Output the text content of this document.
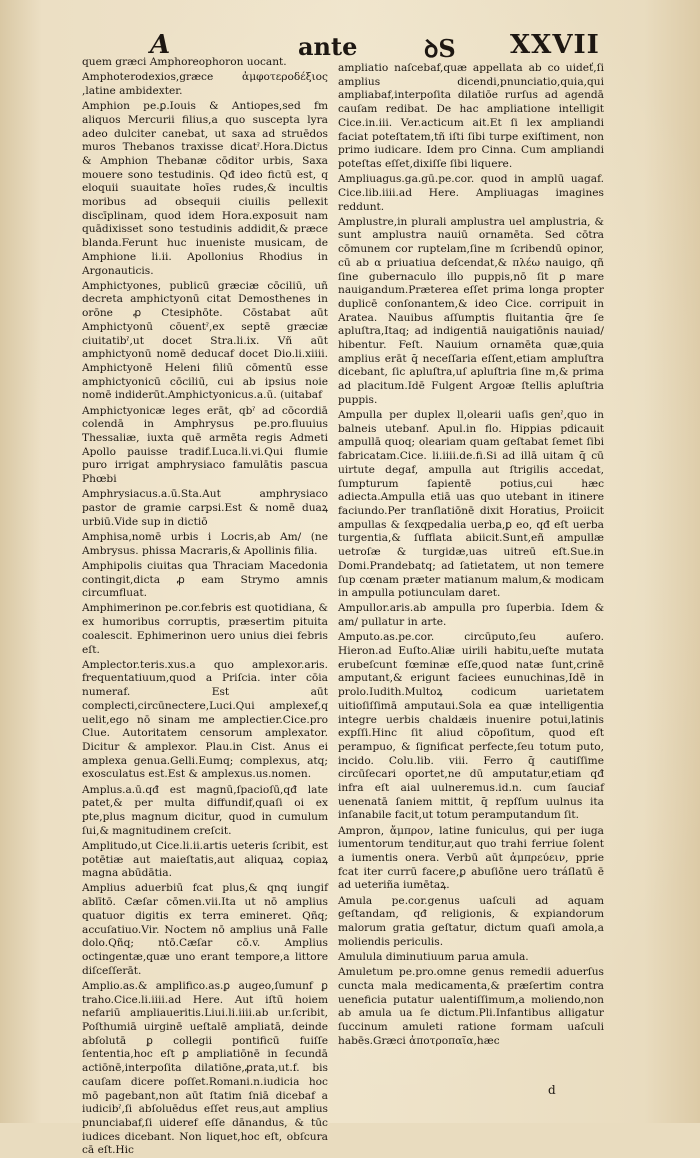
A	ante	ꝺS XXVII

quem græci Amphoreophoron uocant.

Amphoterodexios,græce ἀμφοτεροδέξιος ,latine ambidexter.

Amphion pe.ꝑ.Iouis & Antiopes,sed fm aliquos Mercurii filius,a quo suscepta lyra adeo dulciter canebat, ut saxa ad struēdos muros Thebanos traxisse dicatˀ.Hora.Dictus & Amphion Thebanæ cōditor urbis, Saxa mouere sono testudinis. Qđ ideo fictū est, q eloquii suauitate hoīes rudes,& incultis moribus ad obsequii ciuilis pellexit discīplinam, quod idem Hora.exposuit nam quādixisset sono testudinis addidit,& præce blanda.Ferunt huc inueniste musicam, de Amphione li.ii. Apollonius Rhodius in Argonauticis.

Amphictyones, publicū græciæ cōciliū, uñ decreta amphictyonū citat Demosthenes in orōne ꝓ Ctesiphōte. Cōstabat aūt Amphictyonū cōuentˀ,ex septē græciæ ciuitatibˀ,ut docet Stra.li.ix. Vñ aūt amphictyonū nomē deducaf docet Dio.li.xiiii. Amphictyonē Heleni filiū cōmentū esse amphictyonicū cōciliū, cui ab ipsius noie nomē indiderūt.Amphictyonicus.a.ū. (uitabaf

Amphictyonicæ leges erāt, qbˀ ad cōcordiā colendā in Amphrysus pe.pro.fluuius Thessaliæ, iuxta quē armēta regis Admeti Apollo pauisse tradif.Luca.li.vi.Qui flumie puro irrigat amphrysiaco famulātis pascua Phœbi

Amphrysiacus.a.ū.Sta.Aut amphrysiaco pastor de gramie carpsi.Est & nomē duaꝝ urbiū.Vide sup in dictiō

Amphisa,nomē urbis i Locris,ab Am/ (ne Ambrysus. phissa Macraris,& Apollinis filia.

Amphipolis ciuitas qua Thraciam Macedonia contingit,dicta ꝓ eam Strymo amnis circumfluat.

Amphimerinon pe.cor.febris est quotidiana, & ex humoribus corruptis, præsertim pituita coalescit. Ephimerinon uero unius diei febris eſt.

Amplector.teris.xus.a quo amplexor.aris. frequentatiuum,quod a Priſcia. inter cōia numeraf. Est aūt complecti,circūnectere,Luci.Qui amplexef,q uelit,ego nō sinam me amplectier.Cice.pro Clue. Autoritatem censorum amplexator. Dicitur & amplexor. Plau.in Cist. Anus ei amplexa genua.Gelli.Eumq; complexus, atq; exosculatus est.Est & amplexus.us.nomen.

Amplus.a.ū.qđ est magnū,ſpacioſū,qđ late patet,& per multa diffundif,quaſi oi ex pte,plus magnum dicitur, quod in cumulum ſui,& magnitudinem creſcit.

Amplitudo,ut Cice.li.ii.artis ueteris ſcribit, est potētiæ aut maieſtatis,aut aliquaꝝ copiaꝝ magna abūdātia.

Amplius aduerbiū fcat plus,& qnq iungif ablītō. Cæſar cōmen.vii.Ita ut nō amplius quatuor digitis ex terra emineret. Qñq; accuſatiuo.Vir. Noctem nō amplius unā Falle dolo.Qñq; ntō.Cæſar cō.v. Amplius octingentæ,quæ uno erant tempore,a littore diſceſſerāt.

Amplio.as.& amplifico.as.ꝑ augeo,ſumunf ꝑ traho.Cice.li.iiii.ad Here. Aut iſtū hoiem nefariū ampliaueritis.Liui.li.iiii.ab ur.ſcribit, Poſthumiā uirginē ueſtalē ampliatā, deinde abſolutā ꝑ collegii pontificū fuiſſe ſententia,hoc eſt ꝑ ampliatiōnē in ſecundā actiōnē,interpoſita dilatiōne,ꝓrata,ut.f. bis cauſam dicere poſſet.Romani.n.iudicia hoc mō pagebant,non aūt ſtatim ſniā dicebaf a iudicibˀ,ſi abſoluēdus eſſet reus,aut amplius pnunciabaf,ſi uideref eſſe dānandus, & tūc iudices dicebant. Non liquet,hoc eſt, obſcura cā eſt.Hic

ampliatio naſcebaf,quæ appellata ab co uideť,ſi amplius dicendi,pnunciatio,quia,qui ampliabaf,interpoſita dilatiōe rurſus ad agendā cauſam redibat. De hac ampliatione intelligit Cice.in.iii. Ver.acticum ait.Et ſi lex ampliandi faciat poteſtatem,tñ iſti ſibi turpe exiſtiment, non primo iudicare. Idem pro Cinna. Cum ampliandi poteſtas eſſet,dixiſſe ſibi liquere.

Ampliuagus.ga.gū.pe.cor. quod in amplū uagaf. Cice.lib.iiii.ad Here. Ampliuagas imagines reddunt.

Amplustre,in plurali amplustra uel amplustria, & sunt amplustra nauiū ornamēta. Sed cōtra cōmunem cor ruptelam,ſine m ſcribendū opinor, cū ab α priuatiua deſcendat,& πλέω nauigo, qñ ſine gubernaculo illo puppis,nō ſit ꝑ mare nauigandum.Præterea eſſet prima longa propter duplicē conſonantem,& ideo Cice. corripuit in Aratea. Nauibus aſſumptis fluitantia q̄re ſe apluſtra,Itaq; ad indigentiā nauigatiōnis nauiad/ hibentur. Feſt. Nauium ornamēta quæ,quia amplius erāt q̄ neceſſaria eſſent,etiam ampluſtra dicebant, ſic apluſtra,uſ apluſtria ſine m,& prima ad placitum.Idē Fulgent Argoæ ſtellis apluſtria puppis.

Ampulla per duplex ll,olearii uaſis genˀ,quo in balneis utebanf. Apul.in flo. Hippias pdicauit ampullā quoq; oleariam quam geſtabat ſemet ſibi fabricatam.Cice. li.iiii.de.fi.Si ad illā uitam q̄ cū uirtute degaf, ampulla aut ſtrigilis accedat, ſumpturum ſapientē potius,cui hæc adiecta.Ampulla etiā uas quo utebant in itinere faciundo.Per tranſlatiōnē dixit Horatius, Proiicit ampullas & ſexqpedalia uerba,ꝑ eo, qđ eſt uerba turgentia,& ſufflata abiicit.Sunt,eñ ampullæ uetroſæ & turgidæ,uas uitreū eſt.Sue.in Domi.Prandebatq; ad ſatietatem, ut non temere ſup cœnam præter matianum malum,& modicam in ampulla potiunculam daret.

Ampullor.aris.ab ampulla pro ſuperbia. Idem & am/ pullatur in arte.

Amputo.as.pe.cor. circūputo,ſeu auſero. Hieron.ad Euſto.Aliæ uirili habitu,ueſte mutata erubeſcunt fœminæ eſſe,quod natæ ſunt,crinē amputant,& erigunt faciees eunuchinas,Idē in prolo.Iudith.Multoꝝ codicum uarietatem uitioſiſſimā amputaui.Sola ea quæ intelligentia integre uerbis chaldæis inuenire potui,latinis expſſi.Hinc ſit aliud cōpoſitum, quod eſt perampuo, & ſignificat perfecte,ſeu totum puto, incido. Colu.lib. viii. Ferro q̄ cautiſſime circūſecari oportet,ne dū amputatur,etiam qđ infra eſt aial uulneremus.id.n. cum ſauciaf uenenatā ſaniem mittit, q̄ repſſum uulnus ita inſanabile facit,ut totum peramputandum ſit.

Ampron, ἄμπρον, latine funiculus, qui per iuga iumentorum tenditur,aut quo trahi ferriue ſolent a iumentis onera. Verbū aūt ἀμπρεύειν, pprie fcat iter currū facere,ꝑ abuſiōne uero tráſlatū ē ad ueteriña iumētaꝝ.

Amula pe.cor.genus uaſculi ad aquam geſtandam, qđ religionis, & expiandorum malorum gratia geſtatur, dictum quaſi amola,a moliendis periculis.

Amulula diminutiuum parua amula.

Amuletum pe.pro.omne genus remedii aduerſus cuncta mala medicamenta,& præſertim contra ueneficia putatur ualentiſſimum,a moliendo,non ab amula ua ſe dictum.Pli.Infantibus alligatur ſuccinum amuleti ratione formam uaſculi habēs.Græci ἀποτροπαῖα,hæc

d
